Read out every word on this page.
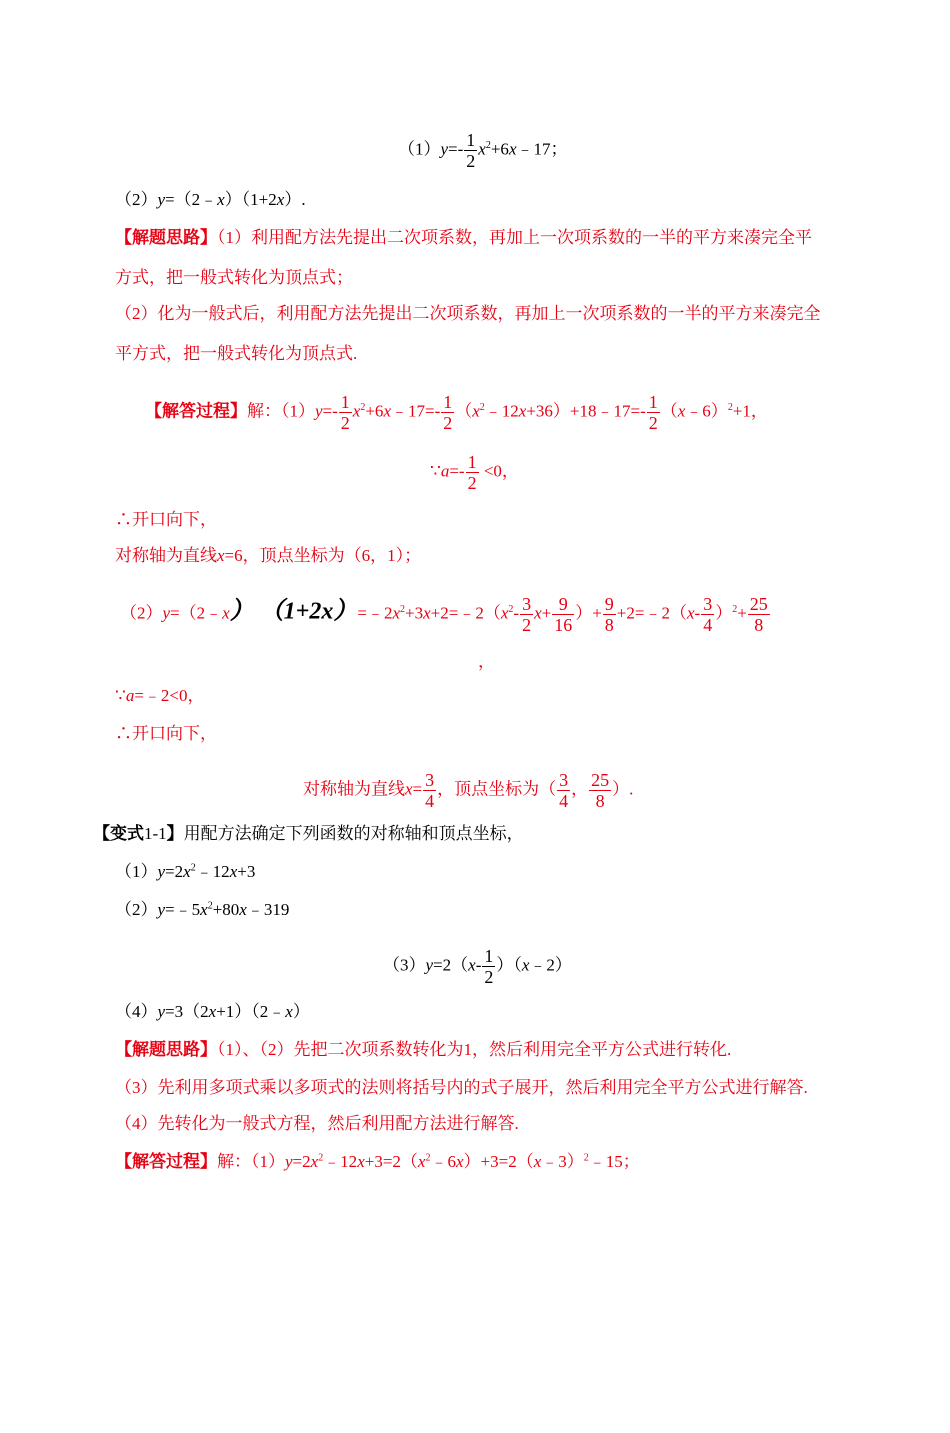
$(1)y=- \frac{1}{2}$ $x^2+6x﹣17$；
（2）y=（2﹣x）（1+2x）.
【解题思路】（1）利用配方法先提出二次项系数，再加上一次项系数的一半的平方来凑完全平
方式，把一般式转化为顶点式；
（2）化为一般式后，利用配方法先提出二次项系数，再加上一次项系数的一半的平方来凑完全
平方式，把一般式转化为顶点式.
【解答过程】解：$(1)y=- \frac{1}{2}$ $x^2+6x﹣17=- \frac{1}{2}$ $(x^2﹣12x+36)+18﹣17=- \frac{1}{2}$ （x﹣6）$^2$+1，
∵a=- $\frac{1}{2} <0$，
∴开口向下，
对称轴为直线x=6，顶点坐标为（6，1）；
（2）y=（2﹣x） $(1+2x)=﹣2x^2+3x+2=﹣2(x^2- \frac{3}{2} x+ \frac{9}{16}$ ）+ $\frac{9}{8}$ +2=﹣2（x- $\frac{3}{4} )^2+ \frac{25}{8}$
，
∵a=﹣2<0，
∴开口向下，
对称轴为直线$x= \frac{3}{4}$ ，顶点坐标为（ $\frac{3}{4}$ ， $\frac{25}{8}$ ）.
【变式1-1】用配方法确定下列函数的对称轴和顶点坐标，
$(1)y=2x^2﹣12x+3$
$(2)y=﹣5x^2+80x﹣319$
$(3)y=2(x- \frac{1}{2}$ ）（x﹣2）
（4）y=3（2x+1）（2﹣x）
【解题思路】（1）、（2）先把二次项系数转化为1，然后利用完全平方公式进行转化.
（3）先利用多项式乘以多项式的法则将括号内的式子展开，然后利用完全平方公式进行解答.
（4）先转化为一般式方程，然后利用配方法进行解答.
【解答过程】解：$(1)y=2x^2﹣12x+3=2(x^2﹣6x)+3=2(x﹣3)^2﹣15$；
